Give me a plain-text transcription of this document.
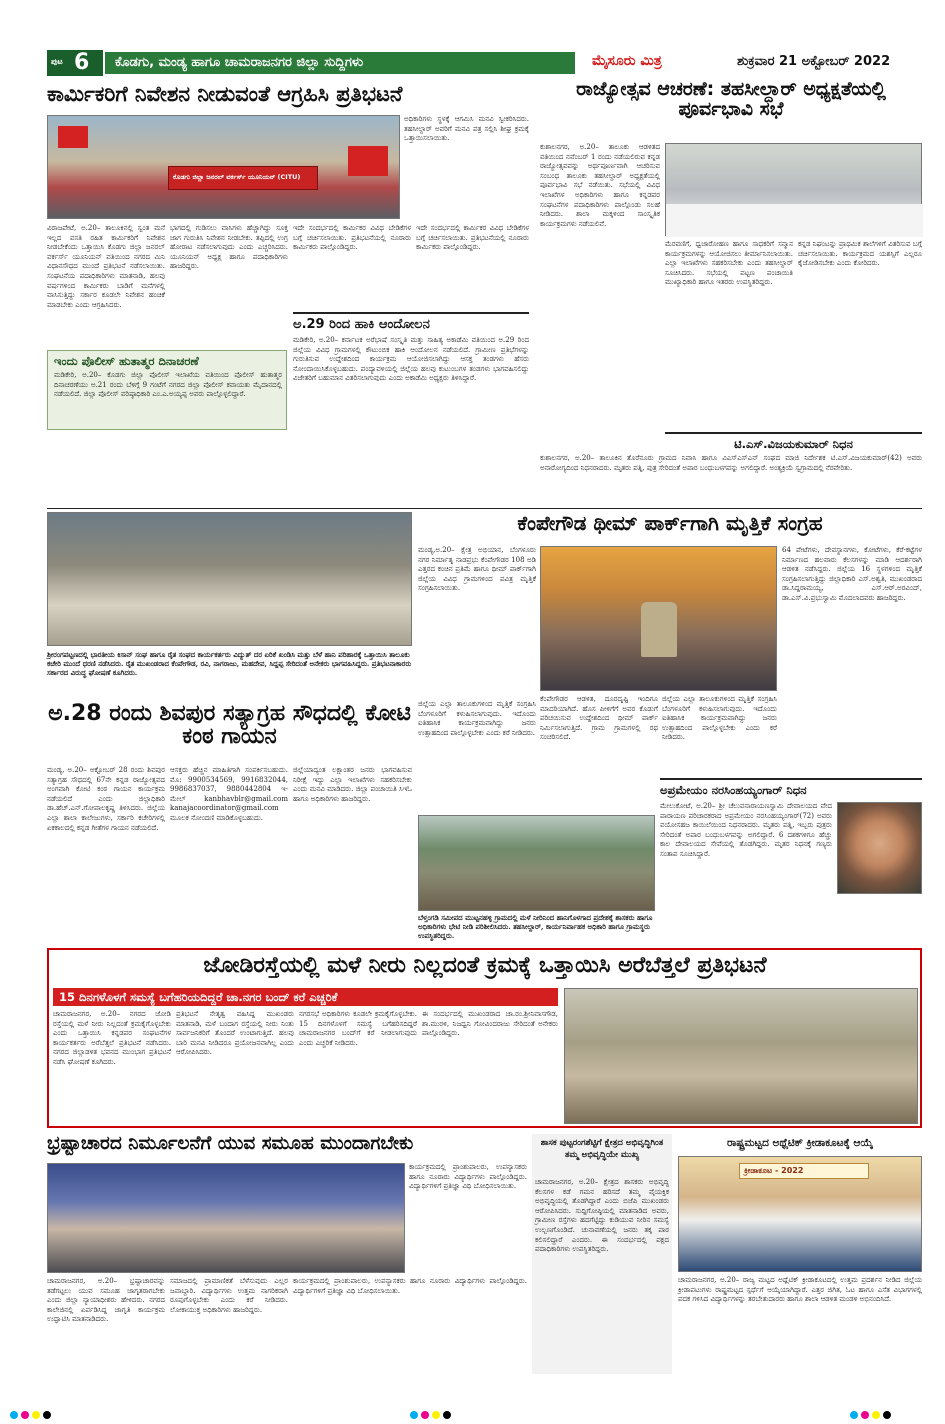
ಪುಟ 6 ಕೊಡಗು, ಮಂಡ್ಯ ಹಾಗೂ ಚಾಮರಾಜನಗರ ಜಿಲ್ಲಾ ಸುದ್ದಿಗಳು	ಮೈಸೂರು ಮಿತ್ರ	ಶುಕ್ರವಾರ 21 ಅಕ್ಟೋಬರ್ 2022
ಕಾರ್ಮಿಕರಿಗೆ ನಿವೇಶನ ನೀಡುವಂತೆ ಆಗ್ರಹಿಸಿ ಪ್ರತಿಭಟನೆ
ಕೊಡಗು ಜಿಲ್ಲಾ ಜನರಲ್ ವರ್ಕರ್ಸ್ ಯೂನಿಯನ್ (CITU)
ಅಧಿಕಾರಿಗಳು ಸ್ಥಳಕ್ಕೆ ಆಗಮಿಸಿ ಮನವಿ ಸ್ವೀಕರಿಸಿದರು. ತಹಸೀಲ್ದಾರ್ ಅವರಿಗೆ ಮನವಿ ಪತ್ರ ಸಲ್ಲಿಸಿ ಶೀಘ್ರ ಕ್ರಮಕ್ಕೆ ಒತ್ತಾಯಿಸಲಾಯಿತು.
ವಿರಾಜಪೇಟೆ, ಅ.20– ತಾಲೂಕಿನಲ್ಲಿ ಸ್ವಂತ ಮನೆ ಇಲ್ಲದ ವಸತಿ ರಹಿತ ಕಾರ್ಮಿಕರಿಗೆ ನಿವೇಶನ ನೀಡಬೇಕೆಂದು ಒತ್ತಾಯಿಸಿ ಕೊಡಗು ಜಿಲ್ಲಾ ಜನರಲ್ ವರ್ಕರ್ಸ್ ಯೂನಿಯನ್ ವತಿಯಿಂದ ನಗರದ ಮಿನಿ ವಿಧಾನಸೌಧದ ಮುಂದೆ ಪ್ರತಿಭಟನೆ ನಡೆಸಲಾಯಿತು. ಸಂಘಟನೆಯ ಪದಾಧಿಕಾರಿಗಳು ಮಾತನಾಡಿ, ಹಲವು ವರ್ಷಗಳಿಂದ ಕಾರ್ಮಿಕರು ಬಾಡಿಗೆ ಮನೆಗಳಲ್ಲಿ ವಾಸಿಸುತ್ತಿದ್ದು ಸರ್ಕಾರ ಕೂಡಲೇ ನಿವೇಶನ ಹಂಚಿಕೆ ಮಾಡಬೇಕು ಎಂದು ಆಗ್ರಹಿಸಿದರು.
ಭಾಗದಲ್ಲಿ ಗುಡಿಸಲು ವಾಸಿಗಳು ಹೆಚ್ಚಾಗಿದ್ದು ಸೂಕ್ತ ಜಾಗ ಗುರುತಿಸಿ ನಿವೇಶನ ನೀಡಬೇಕು. ತಪ್ಪಿದಲ್ಲಿ ಉಗ್ರ ಹೋರಾಟ ನಡೆಸಲಾಗುವುದು ಎಂದು ಎಚ್ಚರಿಸಿದರು. ಯೂನಿಯನ್ ಅಧ್ಯಕ್ಷ ಹಾಗೂ ಪದಾಧಿಕಾರಿಗಳು ಹಾಜರಿದ್ದರು.
ಇದೇ ಸಂದರ್ಭದಲ್ಲಿ ಕಾರ್ಮಿಕರ ವಿವಿಧ ಬೇಡಿಕೆಗಳ ಬಗ್ಗೆ ಚರ್ಚಿಸಲಾಯಿತು. ಪ್ರತಿಭಟನೆಯಲ್ಲಿ ನೂರಾರು ಕಾರ್ಮಿಕರು ಪಾಲ್ಗೊಂಡಿದ್ದರು.
ಇದೇ ಸಂದರ್ಭದಲ್ಲಿ ಕಾರ್ಮಿಕರ ವಿವಿಧ ಬೇಡಿಕೆಗಳ ಬಗ್ಗೆ ಚರ್ಚಿಸಲಾಯಿತು. ಪ್ರತಿಭಟನೆಯಲ್ಲಿ ನೂರಾರು ಕಾರ್ಮಿಕರು ಪಾಲ್ಗೊಂಡಿದ್ದರು.
ಇಂದು ಪೊಲೀಸ್ ಹುತಾತ್ಮರ ದಿನಾಚರಣೆ
ಮಡಿಕೇರಿ, ಅ.20– ಕೊಡಗು ಜಿಲ್ಲಾ ಪೊಲೀಸ್ ಇಲಾಖೆಯ ವತಿಯಿಂದ ಪೊಲೀಸ್ ಹುತಾತ್ಮರ ದಿನಾಚರಣೆಯು ಅ.21 ರಂದು ಬೆಳಿಗ್ಗೆ 9 ಗಂಟೆಗೆ ನಗರದ ಜಿಲ್ಲಾ ಪೊಲೀಸ್ ಕವಾಯತು ಮೈದಾನದಲ್ಲಿ ನಡೆಯಲಿದೆ. ಜಿಲ್ಲಾ ಪೊಲೀಸ್ ವರಿಷ್ಠಾಧಿಕಾರಿ ಎಂ.ಎ.ಅಯ್ಯಪ್ಪ ಅವರು ಪಾಲ್ಗೊಳ್ಳಲಿದ್ದಾರೆ.
ಅ.29 ರಿಂದ ಹಾಕಿ ಆಂದೋಲನ
ಮಡಿಕೇರಿ, ಅ.20– ಕರ್ನಾಟಕ ಅರೆಭಾಷೆ ಸಂಸ್ಕೃತಿ ಮತ್ತು ಸಾಹಿತ್ಯ ಅಕಾಡೆಮಿ ವತಿಯಿಂದ ಅ.29 ರಿಂದ ಜಿಲ್ಲೆಯ ವಿವಿಧ ಗ್ರಾಮಗಳಲ್ಲಿ ಕೌಟುಂಬಿಕ ಹಾಕಿ ಆಂದೋಲನ ನಡೆಯಲಿದೆ. ಗ್ರಾಮೀಣ ಪ್ರತಿಭೆಗಳನ್ನು ಗುರುತಿಸುವ ಉದ್ದೇಶದಿಂದ ಕಾರ್ಯಕ್ರಮ ಆಯೋಜಿಸಲಾಗಿದ್ದು ಆಸಕ್ತ ತಂಡಗಳು ಹೆಸರು ನೋಂದಾಯಿಸಿಕೊಳ್ಳಬಹುದು. ಪಂದ್ಯಾವಳಿಯಲ್ಲಿ ಜಿಲ್ಲೆಯ ಹಲವು ಕುಟುಂಬಗಳ ತಂಡಗಳು ಭಾಗವಹಿಸಲಿದ್ದು ವಿಜೇತರಿಗೆ ಬಹುಮಾನ ವಿತರಿಸಲಾಗುವುದು ಎಂದು ಅಕಾಡೆಮಿ ಅಧ್ಯಕ್ಷರು ತಿಳಿಸಿದ್ದಾರೆ.
ರಾಜ್ಯೋತ್ಸವ ಆಚರಣೆ: ತಹಸೀಲ್ದಾರ್ ಅಧ್ಯಕ್ಷತೆಯಲ್ಲಿ ಪೂರ್ವಭಾವಿ ಸಭೆ
ಕುಶಾಲನಗರ, ಅ.20– ತಾಲೂಕು ಆಡಳಿತದ ವತಿಯಿಂದ ನವೆಂಬರ್ 1 ರಂದು ನಡೆಯಲಿರುವ ಕನ್ನಡ ರಾಜ್ಯೋತ್ಸವವನ್ನು ಅರ್ಥಪೂರ್ಣವಾಗಿ ಆಚರಿಸುವ ಸಂಬಂಧ ತಾಲೂಕು ತಹಸೀಲ್ದಾರ್ ಅಧ್ಯಕ್ಷತೆಯಲ್ಲಿ ಪೂರ್ವಭಾವಿ ಸಭೆ ನಡೆಯಿತು. ಸಭೆಯಲ್ಲಿ ವಿವಿಧ ಇಲಾಖೆಗಳ ಅಧಿಕಾರಿಗಳು ಹಾಗೂ ಕನ್ನಡಪರ ಸಂಘಟನೆಗಳ ಪದಾಧಿಕಾರಿಗಳು ಪಾಲ್ಗೊಂಡು ಸಲಹೆ ನೀಡಿದರು. ಶಾಲಾ ಮಕ್ಕಳಿಂದ ಸಾಂಸ್ಕೃತಿಕ ಕಾರ್ಯಕ್ರಮಗಳು ನಡೆಯಲಿವೆ.
ಮೆರವಣಿಗೆ, ಧ್ವಜಾರೋಹಣ ಹಾಗೂ ಸಾಧಕರಿಗೆ ಸನ್ಮಾನ ಕಾರ್ಯಕ್ರಮಗಳನ್ನು ಆಯೋಜಿಸಲು ತೀರ್ಮಾನಿಸಲಾಯಿತು. ಎಲ್ಲಾ ಇಲಾಖೆಗಳು ಸಹಕರಿಸಬೇಕು ಎಂದು ತಹಸೀಲ್ದಾರ್ ಸೂಚಿಸಿದರು. ಸಭೆಯಲ್ಲಿ ಪಟ್ಟಣ ಪಂಚಾಯಿತಿ ಮುಖ್ಯಾಧಿಕಾರಿ ಹಾಗೂ ಇತರರು ಉಪಸ್ಥಿತರಿದ್ದರು.
ಕನ್ನಡ ನಿಘಂಟನ್ನು ಪ್ರಾಥಮಿಕ ಶಾಲೆಗಳಿಗೆ ವಿತರಿಸುವ ಬಗ್ಗೆ ಚರ್ಚಿಸಲಾಯಿತು. ಕಾರ್ಯಕ್ರಮದ ಯಶಸ್ಸಿಗೆ ಎಲ್ಲರೂ ಕೈಜೋಡಿಸಬೇಕು ಎಂದು ಕೋರಿದರು.
ಟಿ.ಎಸ್.ವಿಜಯಕುಮಾರ್ ನಿಧನ
ಕುಶಾಲನಗರ, ಅ.20– ತಾಲೂಕಿನ ತೊರೆನೂರು ಗ್ರಾಮದ ನಿವಾಸಿ ಹಾಗೂ ವಿಎಸ್ಎಸ್ಎನ್ ಸಂಘದ ಮಾಜಿ ನಿರ್ದೇಶಕ ಟಿ.ಎಸ್.ವಿಜಯಕುಮಾರ್(42) ಅವರು ಅನಾರೋಗ್ಯದಿಂದ ನಿಧನರಾದರು. ಮೃತರು ಪತ್ನಿ, ಪುತ್ರ ಸೇರಿದಂತೆ ಅಪಾರ ಬಂಧುಬಳಗವನ್ನು ಅಗಲಿದ್ದಾರೆ. ಅಂತ್ಯಕ್ರಿಯೆ ಸ್ವಗ್ರಾಮದಲ್ಲಿ ನೆರವೇರಿತು.
ಶ್ರೀರಂಗಪಟ್ಟಣದಲ್ಲಿ ಭಾರತೀಯ ಕಿಸಾನ್ ಸಂಘ ಹಾಗೂ ರೈತ ಸಂಘದ ಕಾರ್ಯಕರ್ತರು ವಿದ್ಯುತ್ ದರ ಏರಿಕೆ ಖಂಡಿಸಿ ಮತ್ತು ಬೆಳೆ ಹಾನಿ ಪರಿಹಾರಕ್ಕೆ ಒತ್ತಾಯಿಸಿ ತಾಲೂಕು ಕಚೇರಿ ಮುಂದೆ ಧರಣಿ ನಡೆಸಿದರು. ರೈತ ಮುಖಂಡರಾದ ಕೆಂಪೇಗೌಡ, ರವಿ, ನಾಗರಾಜು, ಮಹದೇವ, ಸಿದ್ದಪ್ಪ ಸೇರಿದಂತೆ ಅನೇಕರು ಭಾಗವಹಿಸಿದ್ದರು. ಪ್ರತಿಭಟನಾಕಾರರು ಸರ್ಕಾರದ ವಿರುದ್ಧ ಘೋಷಣೆ ಕೂಗಿದರು.
ಅ.28 ರಂದು ಶಿವಪುರ ಸತ್ಯಾಗ್ರಹ ಸೌಧದಲ್ಲಿ ಕೋಟಿ ಕಂಠ ಗಾಯನ
ಮಂಡ್ಯ, ಅ.20– ಅಕ್ಟೋಬರ್ 28 ರಂದು ಶಿವಪುರ ಸತ್ಯಾಗ್ರಹ ಸೌಧದಲ್ಲಿ 67ನೇ ಕನ್ನಡ ರಾಜ್ಯೋತ್ಸವದ ಅಂಗವಾಗಿ ಕೋಟಿ ಕಂಠ ಗಾಯನ ಕಾರ್ಯಕ್ರಮ ನಡೆಯಲಿದೆ ಎಂದು ಜಿಲ್ಲಾಧಿಕಾರಿ ಡಾ.ಹೆಚ್.ಎನ್.ಗೋಪಾಲಕೃಷ್ಣ ತಿಳಿಸಿದರು. ಜಿಲ್ಲೆಯ ಎಲ್ಲಾ ಶಾಲಾ ಕಾಲೇಜುಗಳು, ಸರ್ಕಾರಿ ಕಚೇರಿಗಳಲ್ಲಿ ಏಕಕಾಲದಲ್ಲಿ ಕನ್ನಡ ಗೀತೆಗಳ ಗಾಯನ ನಡೆಯಲಿದೆ.
ಆಸಕ್ತರು ಹೆಚ್ಚಿನ ಮಾಹಿತಿಗಾಗಿ ಸಂಪರ್ಕಿಸಬಹುದು. ಮೊ: 9900534569, 9916832044, 9986837037, 9880442804 ಇ-ಮೇಲ್ kanbhavblr@gmail.com kanajacoordinator@gmail.com ಮೂಲಕ ನೋಂದಣಿ ಮಾಡಿಕೊಳ್ಳಬಹುದು.
ಜಿಲ್ಲೆಯಾದ್ಯಂತ ಲಕ್ಷಾಂತರ ಜನರು ಭಾಗವಹಿಸುವ ನಿರೀಕ್ಷೆ ಇದ್ದು ಎಲ್ಲಾ ಇಲಾಖೆಗಳು ಸಹಕರಿಸಬೇಕು ಎಂದು ಮನವಿ ಮಾಡಿದರು. ಜಿಲ್ಲಾ ಪಂಚಾಯಿತಿ ಸಿಇಓ ಹಾಗೂ ಅಧಿಕಾರಿಗಳು ಹಾಜರಿದ್ದರು.
ಕೆಂಪೇಗೌಡ ಥೀಮ್ ಪಾರ್ಕ್‌ಗಾಗಿ ಮೃತ್ತಿಕೆ ಸಂಗ್ರಹ
ಮಂಡ್ಯ,ಅ.20– ಕ್ಷೇತ್ರ ಅಭಿಯಾನ, ಬೆಂಗಳೂರು ನಗರ ನಿರ್ಮಾತೃ ನಾಡಪ್ರಭು ಕೆಂಪೇಗೌಡರ 108 ಅಡಿ ಎತ್ತರದ ಕಂಚಿನ ಪ್ರತಿಮೆ ಹಾಗೂ ಥೀಮ್ ಪಾರ್ಕ್‌ಗಾಗಿ ಜಿಲ್ಲೆಯ ವಿವಿಧ ಗ್ರಾಮಗಳಿಂದ ಪವಿತ್ರ ಮೃತ್ತಿಕೆ ಸಂಗ್ರಹಿಸಲಾಯಿತು.
64 ಪೇಟೆಗಳು, ದೇವಸ್ಥಾನಗಳು, ಕೋಟೆಗಳು, ಕೆರೆ-ಕಟ್ಟೆಗಳ ನಿರ್ಮಾಣದ ಹಲವಾರು ಕೆಲಸಗಳನ್ನು ಮಾಡಿ ಆದರ್ಶರಾಗಿ ಆಡಳಿತ ನಡೆಸಿದ್ದರು. ಜಿಲ್ಲೆಯ 16 ಸ್ಥಳಗಳಿಂದ ಮೃತ್ತಿಕೆ ಸಂಗ್ರಹಿಸಲಾಗುತ್ತಿದ್ದು ಜಿಲ್ಲಾಧಿಕಾರಿ ಎಸ್.ಅಶ್ವತಿ, ಮುಖಂಡರಾದ ಡಾ.ಸಿದ್ದರಾಮಯ್ಯ, ಎಸ್.ಆರ್.ಅರವಿಂದ್, ಡಾ.ಎಸ್.ವಿ.ಪ್ರಭುಸ್ವಾಮಿ ಮೊದಲಾದವರು ಹಾಜರಿದ್ದರು.
ಜಿಲ್ಲೆಯ ಎಲ್ಲಾ ತಾಲೂಕುಗಳಿಂದ ಮೃತ್ತಿಕೆ ಸಂಗ್ರಹಿಸಿ ಬೆಂಗಳೂರಿಗೆ ಕಳುಹಿಸಲಾಗುವುದು. ಇದೊಂದು ಐತಿಹಾಸಿಕ ಕಾರ್ಯಕ್ರಮವಾಗಿದ್ದು ಜನರು ಉತ್ಸಾಹದಿಂದ ಪಾಲ್ಗೊಳ್ಳಬೇಕು ಎಂದು ಕರೆ ನೀಡಿದರು.
ಕೆಂಪೇಗೌಡರ ಆಡಳಿತ, ದೂರದೃಷ್ಟಿ ಇಂದಿಗೂ ಮಾದರಿಯಾಗಿದೆ. ಹೊಸ ಪೀಳಿಗೆಗೆ ಅವರ ಕೊಡುಗೆ ಪರಿಚಯಿಸುವ ಉದ್ದೇಶದಿಂದ ಥೀಮ್ ಪಾರ್ಕ್ ನಿರ್ಮಿಸಲಾಗುತ್ತಿದೆ. ಗ್ರಾಮ ಗ್ರಾಮಗಳಲ್ಲಿ ರಥ ಸಂಚರಿಸಲಿದೆ.
ಜಿಲ್ಲೆಯ ಎಲ್ಲಾ ತಾಲೂಕುಗಳಿಂದ ಮೃತ್ತಿಕೆ ಸಂಗ್ರಹಿಸಿ ಬೆಂಗಳೂರಿಗೆ ಕಳುಹಿಸಲಾಗುವುದು. ಇದೊಂದು ಐತಿಹಾಸಿಕ ಕಾರ್ಯಕ್ರಮವಾಗಿದ್ದು ಜನರು ಉತ್ಸಾಹದಿಂದ ಪಾಲ್ಗೊಳ್ಳಬೇಕು ಎಂದು ಕರೆ ನೀಡಿದರು.
ಬೆಳ್ತಂಗಡಿ ಸಮೀಪದ ಮುಟ್ಟನಹಳ್ಳಿ ಗ್ರಾಮದಲ್ಲಿ ಮಳೆ ನೀರಿನಿಂದ ಹಾನಿಗೊಳಗಾದ ಪ್ರದೇಶಕ್ಕೆ ಶಾಸಕರು ಹಾಗೂ ಅಧಿಕಾರಿಗಳು ಭೇಟಿ ನೀಡಿ ಪರಿಶೀಲಿಸಿದರು. ತಹಸೀಲ್ದಾರ್, ಕಾರ್ಯನಿರ್ವಾಹಕ ಅಧಿಕಾರಿ ಹಾಗೂ ಗ್ರಾಮಸ್ಥರು ಉಪಸ್ಥಿತರಿದ್ದರು.
ಅಪ್ರಮೇಯಂ ನರಸಿಂಹಯ್ಯಂಗಾರ್ ನಿಧನ
ಮೇಲುಕೋಟೆ, ಅ.20– ಶ್ರೀ ಚೆಲುವನಾರಾಯಣಸ್ವಾಮಿ ದೇವಾಲಯದ ವೇದ ಪಾರಾಯಣ ಪರಿಚಾರಕರಾದ ಅಪ್ರಮೇಯಂ ನರಸಿಂಹಯ್ಯಂಗಾರ್(72) ಅವರು ವಯೋಸಹಜ ಕಾಯಿಲೆಯಿಂದ ನಿಧನರಾದರು. ಮೃತರು ಪತ್ನಿ, ಇಬ್ಬರು ಪುತ್ರರು ಸೇರಿದಂತೆ ಅಪಾರ ಬಂಧುಬಳಗವನ್ನು ಅಗಲಿದ್ದಾರೆ. 6 ದಶಕಗಳಿಗೂ ಹೆಚ್ಚು ಕಾಲ ದೇವಾಲಯದ ಸೇವೆಯಲ್ಲಿ ತೊಡಗಿದ್ದರು. ಮೃತರ ನಿಧನಕ್ಕೆ ಗಣ್ಯರು ಸಂತಾಪ ಸೂಚಿಸಿದ್ದಾರೆ.
ಜೋಡಿರಸ್ತೆಯಲ್ಲಿ ಮಳೆ ನೀರು ನಿಲ್ಲದಂತೆ ಕ್ರಮಕ್ಕೆ ಒತ್ತಾಯಿಸಿ ಅರೆಬೆತ್ತಲೆ ಪ್ರತಿಭಟನೆ
15 ದಿನಗಳೊಳಗೆ ಸಮಸ್ಯೆ ಬಗೆಹರಿಯದಿದ್ದರೆ ಚಾ.ನಗರ ಬಂದ್ ಕರೆ ಎಚ್ಚರಿಕೆ
ಚಾಮರಾಜನಗರ, ಅ.20– ನಗರದ ಜೋಡಿ ರಸ್ತೆಯಲ್ಲಿ ಮಳೆ ನೀರು ನಿಲ್ಲದಂತೆ ಕ್ರಮಕೈಗೊಳ್ಳಬೇಕು ಎಂದು ಒತ್ತಾಯಿಸಿ ಕನ್ನಡಪರ ಸಂಘಟನೆಗಳ ಕಾರ್ಯಕರ್ತರು ಅರೆಬೆತ್ತಲೆ ಪ್ರತಿಭಟನೆ ನಡೆಸಿದರು. ನಗರದ ಜಿಲ್ಲಾಡಳಿತ ಭವನದ ಮುಂಭಾಗ ಪ್ರತಿಭಟನೆ ನಡೆಸಿ ಘೋಷಣೆ ಕೂಗಿದರು.
ಪ್ರತಿಭಟನೆ ನೇತೃತ್ವ ವಹಿಸಿದ್ದ ಮುಖಂಡರು ಮಾತನಾಡಿ, ಮಳೆ ಬಂದಾಗ ರಸ್ತೆಯಲ್ಲಿ ನೀರು ನಿಂತು ಸಾರ್ವಜನಿಕರಿಗೆ ತೊಂದರೆ ಉಂಟಾಗುತ್ತಿದೆ. ಹಲವು ಬಾರಿ ಮನವಿ ನೀಡಿದರೂ ಪ್ರಯೋಜನವಾಗಿಲ್ಲ ಎಂದು ಆರೋಪಿಸಿದರು.
ನಗರಸಭೆ ಅಧಿಕಾರಿಗಳು ಕೂಡಲೇ ಕ್ರಮಕೈಗೊಳ್ಳಬೇಕು. 15 ದಿನಗಳೊಳಗೆ ಸಮಸ್ಯೆ ಬಗೆಹರಿಸದಿದ್ದರೆ ಚಾಮರಾಜನಗರ ಬಂದ್‌ಗೆ ಕರೆ ನೀಡಲಾಗುವುದು ಎಂದು ಎಚ್ಚರಿಕೆ ನೀಡಿದರು.
ಈ ಸಂದರ್ಭದಲ್ಲಿ ಮುಖಂಡರಾದ ಚಾ.ರಂ.ಶ್ರೀನಿವಾಸಗೌಡ, ಶಾ.ಮುರಳಿ, ನಿಜಧ್ವನಿ ಗೋವಿಂದರಾಜು ಸೇರಿದಂತೆ ಅನೇಕರು ಪಾಲ್ಗೊಂಡಿದ್ದರು.
ಭ್ರಷ್ಟಾಚಾರದ ನಿರ್ಮೂಲನೆಗೆ ಯುವ ಸಮೂಹ ಮುಂದಾಗಬೇಕು
ಕಾರ್ಯಕ್ರಮದಲ್ಲಿ ಪ್ರಾಂಶುಪಾಲರು, ಉಪನ್ಯಾಸಕರು ಹಾಗೂ ನೂರಾರು ವಿದ್ಯಾರ್ಥಿಗಳು ಪಾಲ್ಗೊಂಡಿದ್ದರು. ವಿದ್ಯಾರ್ಥಿಗಳಿಗೆ ಪ್ರತಿಜ್ಞಾ ವಿಧಿ ಬೋಧಿಸಲಾಯಿತು.
ಚಾಮರಾಜನಗರ, ಅ.20– ಭ್ರಷ್ಟಾಚಾರವನ್ನು ತಡೆಗಟ್ಟಲು ಯುವ ಸಮೂಹ ಜಾಗೃತರಾಗಬೇಕು ಎಂದು ಜಿಲ್ಲಾ ನ್ಯಾಯಾಧೀಶರು ಹೇಳಿದರು. ನಗರದ ಕಾಲೇಜಿನಲ್ಲಿ ಏರ್ಪಡಿಸಿದ್ದ ಜಾಗೃತಿ ಕಾರ್ಯಕ್ರಮ ಉದ್ಘಾಟಿಸಿ ಮಾತನಾಡಿದರು.
ಸಮಾಜದಲ್ಲಿ ಪ್ರಾಮಾಣಿಕತೆ ಬೆಳೆಸುವುದು ಎಲ್ಲರ ಜವಾಬ್ದಾರಿ. ವಿದ್ಯಾರ್ಥಿಗಳು ಉತ್ತಮ ನಾಗರಿಕರಾಗಿ ರೂಪುಗೊಳ್ಳಬೇಕು ಎಂದು ಕರೆ ನೀಡಿದರು. ಲೋಕಾಯುಕ್ತ ಅಧಿಕಾರಿಗಳು ಹಾಜರಿದ್ದರು.
ಕಾರ್ಯಕ್ರಮದಲ್ಲಿ ಪ್ರಾಂಶುಪಾಲರು, ಉಪನ್ಯಾಸಕರು ಹಾಗೂ ನೂರಾರು ವಿದ್ಯಾರ್ಥಿಗಳು ಪಾಲ್ಗೊಂಡಿದ್ದರು. ವಿದ್ಯಾರ್ಥಿಗಳಿಗೆ ಪ್ರತಿಜ್ಞಾ ವಿಧಿ ಬೋಧಿಸಲಾಯಿತು.
ಶಾಸಕ ಪುಟ್ಟರಂಗಶೆಟ್ಟಿಗೆ ಕ್ಷೇತ್ರದ ಅಭಿವೃದ್ಧಿಗಿಂತ ತಮ್ಮ ಅಭಿವೃದ್ಧಿಯೇ ಮುಖ್ಯ
ಚಾಮರಾಜನಗರ, ಅ.20– ಕ್ಷೇತ್ರದ ಶಾಸಕರು ಅಭಿವೃದ್ಧಿ ಕೆಲಸಗಳ ಕಡೆ ಗಮನ ಹರಿಸದೆ ತಮ್ಮ ವೈಯಕ್ತಿಕ ಅಭಿವೃದ್ಧಿಯಲ್ಲಿ ತೊಡಗಿದ್ದಾರೆ ಎಂದು ಬಿಜೆಪಿ ಮುಖಂಡರು ಆರೋಪಿಸಿದರು. ಸುದ್ದಿಗೋಷ್ಠಿಯಲ್ಲಿ ಮಾತನಾಡಿದ ಅವರು, ಗ್ರಾಮೀಣ ರಸ್ತೆಗಳು ಹದಗೆಟ್ಟಿದ್ದು ಕುಡಿಯುವ ನೀರಿನ ಸಮಸ್ಯೆ ಉಲ್ಬಣಗೊಂಡಿದೆ. ಚುನಾವಣೆಯಲ್ಲಿ ಜನರು ತಕ್ಕ ಪಾಠ ಕಲಿಸಲಿದ್ದಾರೆ ಎಂದರು. ಈ ಸಂದರ್ಭದಲ್ಲಿ ಪಕ್ಷದ ಪದಾಧಿಕಾರಿಗಳು ಉಪಸ್ಥಿತರಿದ್ದರು.
ರಾಷ್ಟ್ರಮಟ್ಟದ ಅಥ್ಲೆಟಿಕ್ ಕ್ರೀಡಾಕೂಟಕ್ಕೆ ಆಯ್ಕೆ
ಕ್ರೀಡಾಕೂಟ - 2022
ಚಾಮರಾಜನಗರ, ಅ.20– ರಾಜ್ಯ ಮಟ್ಟದ ಅಥ್ಲೆಟಿಕ್ ಕ್ರೀಡಾಕೂಟದಲ್ಲಿ ಉತ್ತಮ ಪ್ರದರ್ಶನ ನೀಡಿದ ಜಿಲ್ಲೆಯ ಕ್ರೀಡಾಪಟುಗಳು ರಾಷ್ಟ್ರಮಟ್ಟದ ಸ್ಪರ್ಧೆಗೆ ಆಯ್ಕೆಯಾಗಿದ್ದಾರೆ. ಎತ್ತರ ಜಿಗಿತ, ಓಟ ಹಾಗೂ ಎಸೆತ ವಿಭಾಗಗಳಲ್ಲಿ ಪದಕ ಗಳಿಸಿದ ವಿದ್ಯಾರ್ಥಿಗಳನ್ನು ತರಬೇತುದಾರರು ಹಾಗೂ ಶಾಲಾ ಆಡಳಿತ ಮಂಡಳಿ ಅಭಿನಂದಿಸಿದೆ.
